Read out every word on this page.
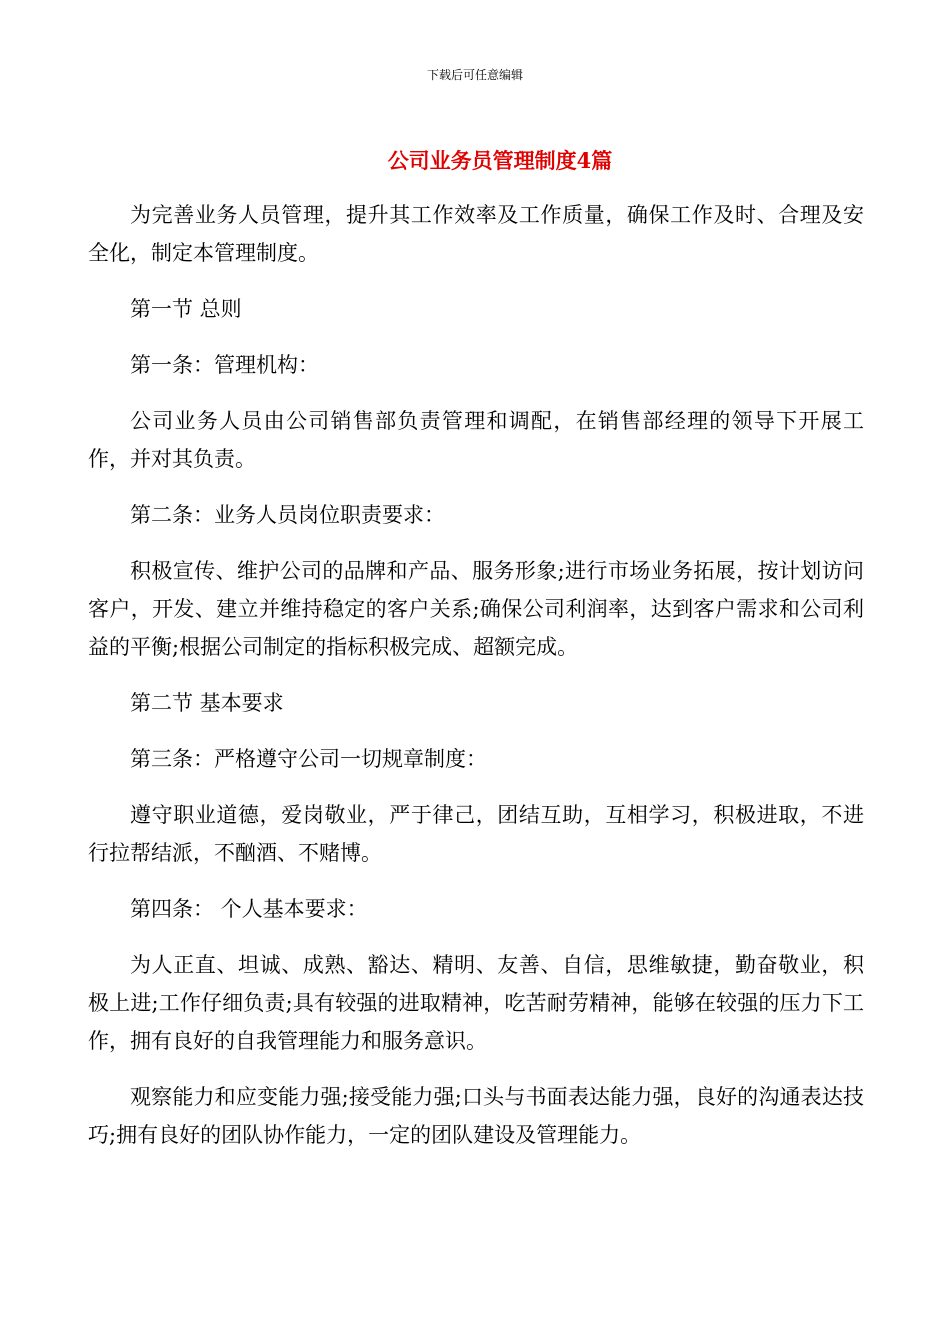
下载后可任意编辑
公司业务员管理制度4篇

为完善业务人员管理，提升其工作效率及工作质量，确保工作及时、合理及安全化，制定本管理制度。

第一节 总则

第一条：管理机构：

公司业务人员由公司销售部负责管理和调配，在销售部经理的领导下开展工作，并对其负责。

第二条：业务人员岗位职责要求：

积极宣传、维护公司的品牌和产品、服务形象;进行市场业务拓展，按计划访问客户，开发、建立并维持稳定的客户关系;确保公司利润率，达到客户需求和公司利益的平衡;根据公司制定的指标积极完成、超额完成。

第二节 基本要求

第三条：严格遵守公司一切规章制度：

遵守职业道德，爱岗敬业，严于律己，团结互助，互相学习，积极进取，不进行拉帮结派，不酗酒、不赌博。

第四条： 个人基本要求：

为人正直、坦诚、成熟、豁达、精明、友善、自信，思维敏捷，勤奋敬业，积极上进;工作仔细负责;具有较强的进取精神，吃苦耐劳精神，能够在较强的压力下工作，拥有良好的自我管理能力和服务意识。

观察能力和应变能力强;接受能力强;口头与书面表达能力强，良好的沟通表达技巧;拥有良好的团队协作能力，一定的团队建设及管理能力。
